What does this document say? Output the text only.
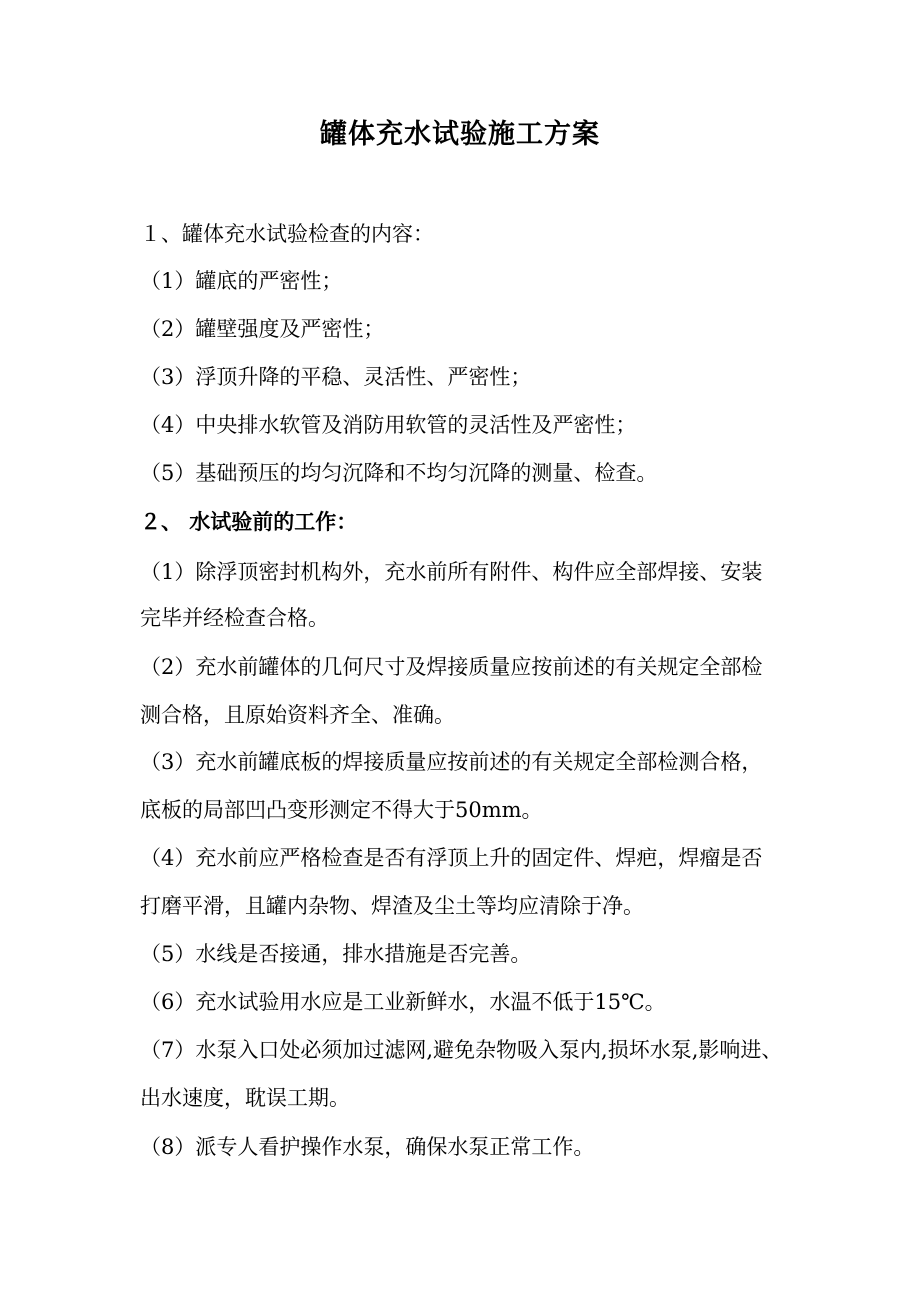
罐体充水试验施工方案
１、罐体充水试验检查的内容：
（1）罐底的严密性；
（2）罐壁强度及严密性；
（3）浮顶升降的平稳、灵活性、严密性；
（4）中央排水软管及消防用软管的灵活性及严密性；
（5）基础预压的均匀沉降和不均匀沉降的测量、检查。
２、 水试验前的工作：
（1）除浮顶密封机构外，充水前所有附件、构件应全部焊接、安装
完毕并经检查合格。
（2）充水前罐体的几何尺寸及焊接质量应按前述的有关规定全部检
测合格，且原始资料齐全、准确。
（3）充水前罐底板的焊接质量应按前述的有关规定全部检测合格，
底板的局部凹凸变形测定不得大于50mm。
（4）充水前应严格检查是否有浮顶上升的固定件、焊疤，焊瘤是否
打磨平滑，且罐内杂物、焊渣及尘土等均应清除于净。
（5）水线是否接通，排水措施是否完善。
（6）充水试验用水应是工业新鲜水，水温不低于15℃。
（7）水泵入口处必须加过滤网,避免杂物吸入泵内,损坏水泵,影响进、
出水速度，耽误工期。
（8）派专人看护操作水泵，确保水泵正常工作。
